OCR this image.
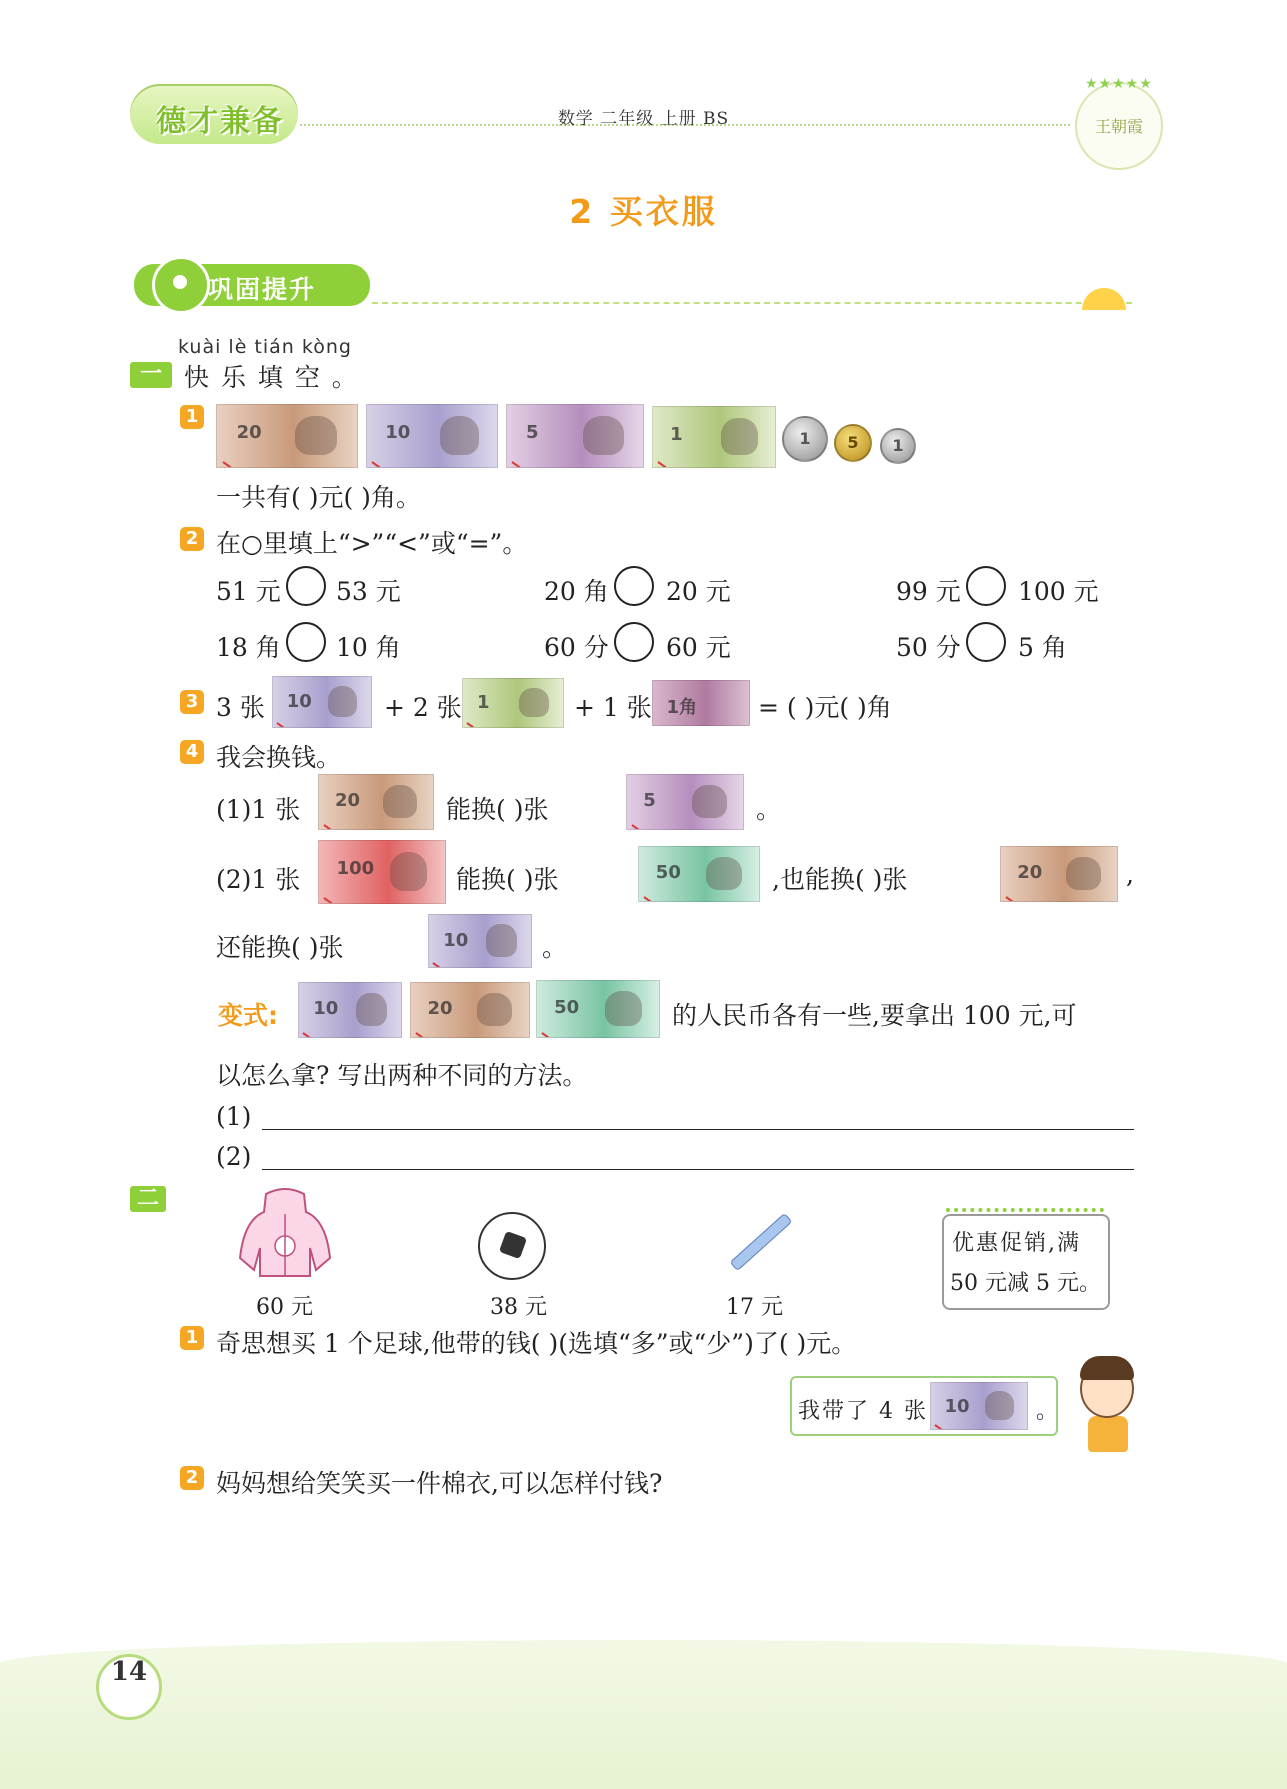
德才兼备	数学 二年级 上册 BS
★★★★★
王朝霞
2 买衣服
巩固提升
kuài lè tián kòng
一 快 乐 填 空 。
1
20	10	5	1	1	5	1
一共有( )元( )角。
2 在○里填上“>”“<”或“=”。
51 元 53 元	20 角 20 元	99 元 100 元
18 角 10 角	60 分 60 元	50 分 5 角
3 3 张 10	+ 2 张 1	+ 1 张 1角 = ( )元( )角
4 我会换钱。
(1)1 张 20	能换( )张	5	。
(2)1 张 100	能换( )张	50	,也能换( )张	20	,
还能换( )张	10	。
变式: 10	20	50	的人民币各有一些,要拿出 100 元,可
以怎么拿? 写出两种不同的方法。
(1)
(2)
二
60 元	38 元	17 元
优惠促销,满
50 元减 5 元。
1 奇思想买 1 个足球,他带的钱( )(选填“多”或“少”)了( )元。
我带了 4 张 10	。
2 妈妈想给笑笑买一件棉衣,可以怎样付钱?
14
